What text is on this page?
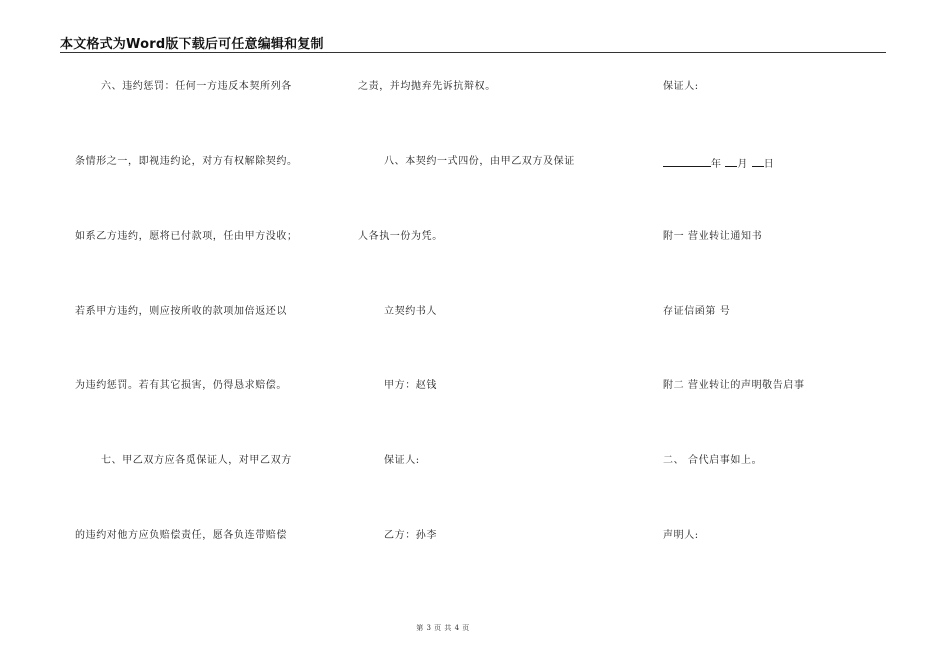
本文格式为Word版下载后可任意编辑和复制
六、违约惩罚：任何一方违反本契所列各
条情形之一，即视违约论，对方有权解除契约。
如系乙方违约，愿将已付款项，任由甲方没收；
若系甲方违约，则应按所收的款项加倍返还以
为违约惩罚。若有其它损害，仍得恳求赔偿。
七、甲乙双方应各觅保证人，对甲乙双方
的违约对他方应负赔偿责任，愿各负连带赔偿
之责，并均抛弃先诉抗辩权。
八、本契约一式四份，由甲乙双方及保证
人各执一份为凭。
立契约书人
甲方：赵钱
保证人:
乙方：孙李
保证人:
年 月 日
附一 营业转让通知书
存证信函第 号
附二 营业转让的声明敬告启事
二、 合代启事如上。
声明人:
第 3 页 共 4 页
